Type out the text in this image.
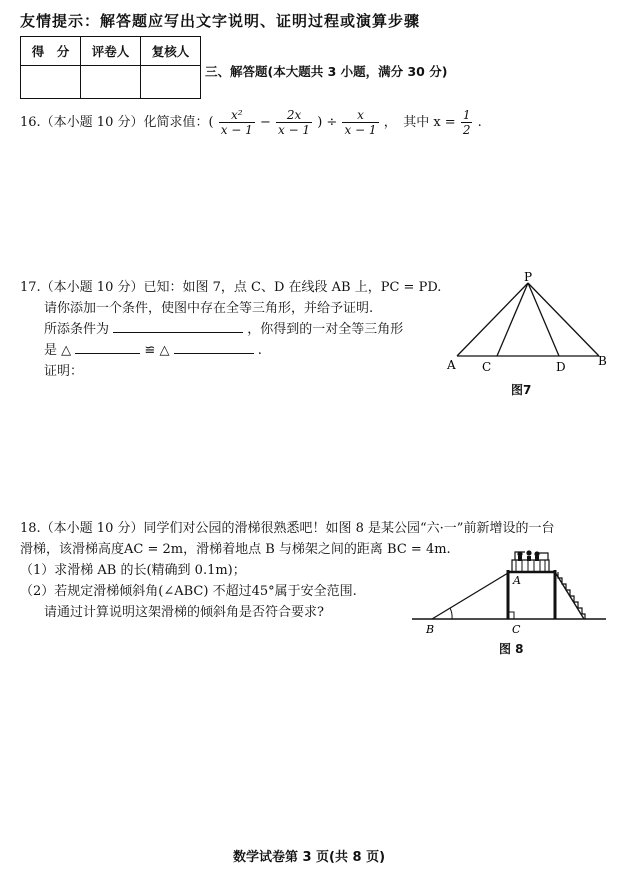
友情提示：解答题应写出文字说明、证明过程或演算步骤
得　分	评卷人	复核人

三、解答题(本大题共 3 小题，满分 30 分)
16.（本小题 10 分）化简求值：( $\frac{\text{x²}}{x - 1} - \frac{2x}{x - 1}$ ) ÷ $\frac{x}{x - 1}$ ，　其中 $x = \frac{1}{2}$ .
17.（本小题 10 分）已知：如图 7，点 C、D 在线段 AB 上，PC = PD.
请你添加一个条件，使图中存在全等三角形，并给予证明.
所添条件为	，你得到的一对全等三角形
是 △	≌ △	.
证明：
P
A C	D	B
图7
18.（本小题 10 分）同学们对公园的滑梯很熟悉吧！如图 8 是某公园“六·一”前新增设的一台
滑梯，该滑梯高度AC = 2m，滑梯着地点 B 与梯架之间的距离 BC = 4m.
（1）求滑梯 AB 的长(精确到 0.1m)；
（2）若规定滑梯倾斜角(∠ABC) 不超过45°属于安全范围.
请通过计算说明这架滑梯的倾斜角是否符合要求?
A
B	C
图 8
数学试卷第 3 页(共 8 页)
